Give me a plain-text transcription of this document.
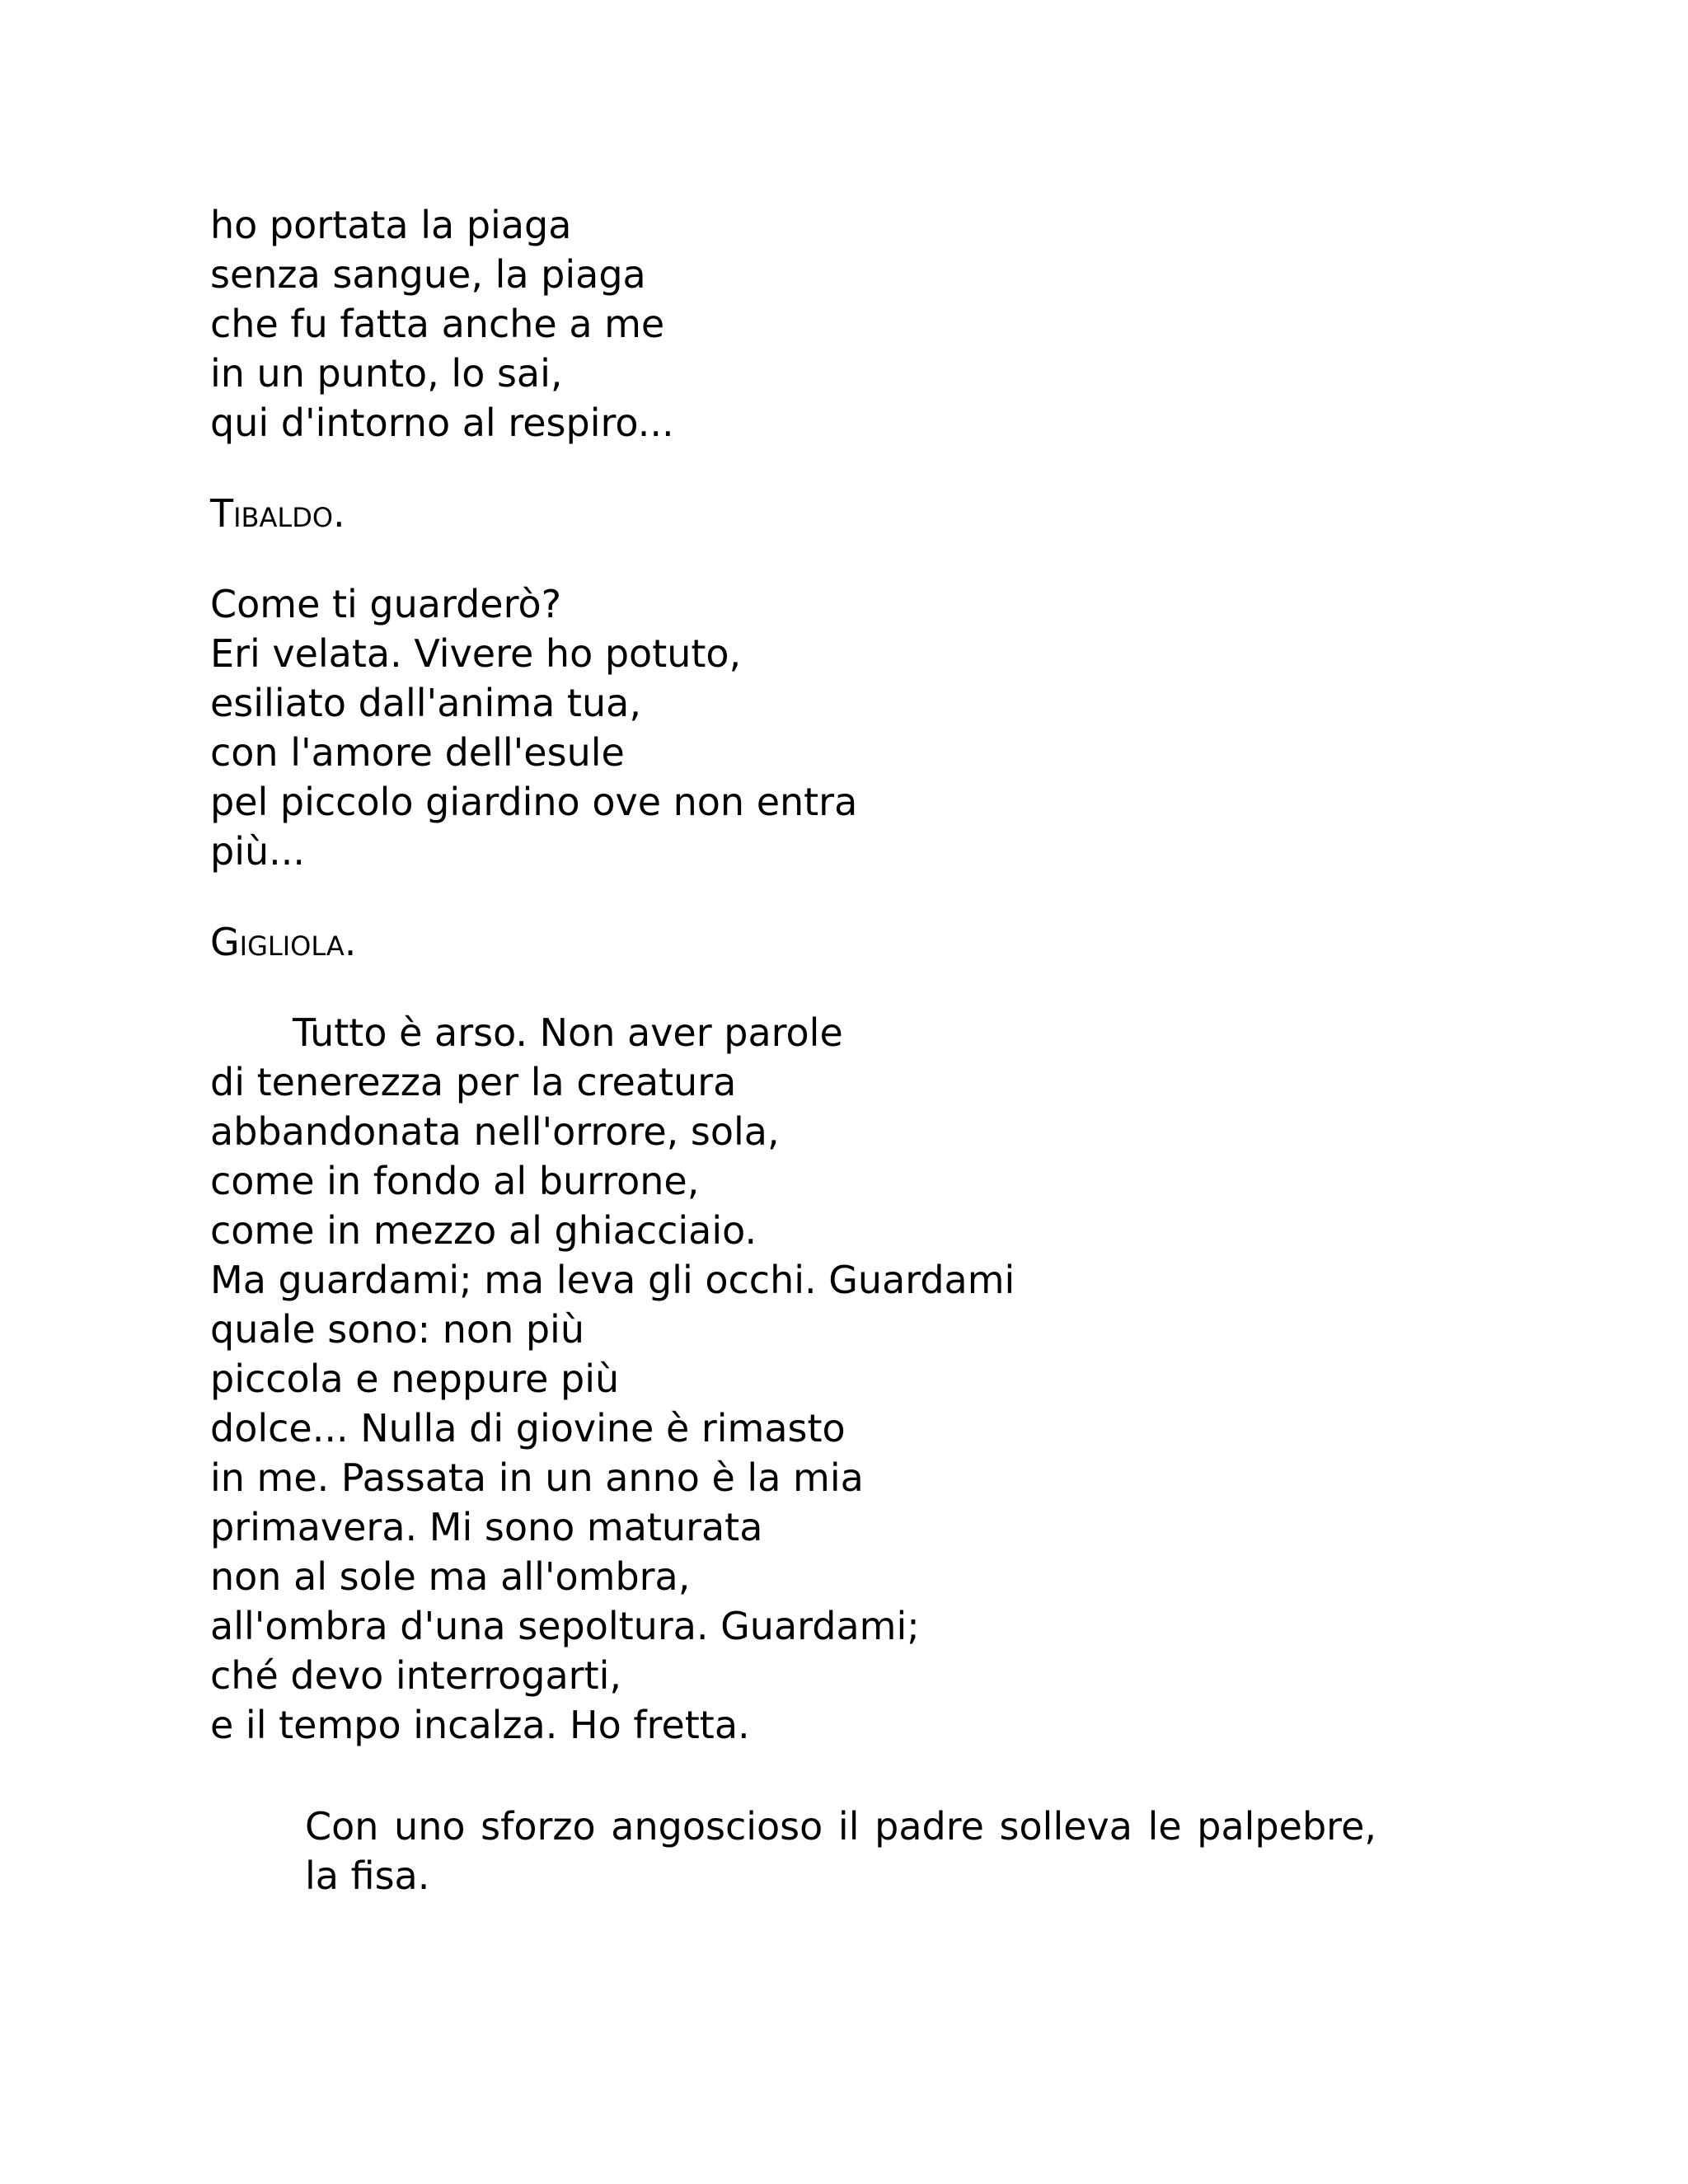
ho portata la piaga
senza sangue, la piaga
che fu fatta anche a me
in un punto, lo sai,
qui d'intorno al respiro...
Tibaldo.
Come ti guarderò?
Eri velata. Vivere ho potuto,
esiliato dall'anima tua,
con l'amore dell'esule
pel piccolo giardino ove non entra
più...
Gigliola.
Tutto è arso. Non aver parole
di tenerezza per la creatura
abbandonata nell'orrore, sola,
come in fondo al burrone,
come in mezzo al ghiacciaio.
Ma guardami; ma leva gli occhi. Guardami
quale sono: non più
piccola e neppure più
dolce... Nulla di giovine è rimasto
in me. Passata in un anno è la mia
primavera. Mi sono maturata
non al sole ma all'ombra,
all'ombra d'una sepoltura. Guardami;
ché devo interrogarti,
e il tempo incalza. Ho fretta.
Con uno sforzo angoscioso il padre solleva le palpebre, la fisa.
